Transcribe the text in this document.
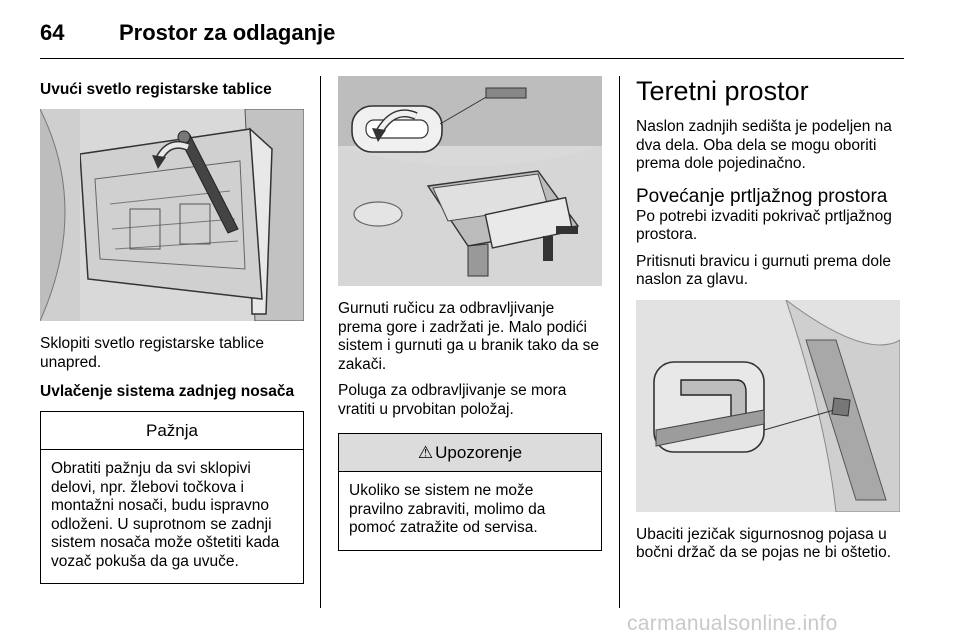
64 Prostor za odlaganje
Uvući svetlo registarske tablice
Sklopiti svetlo registarske tablice unapred.
Uvlačenje sistema zadnjeg nosača
Pažnja
Obratiti pažnju da svi sklopivi delovi, npr. žlebovi točkova i montažni nosači, budu ispravno odloženi. U suprotnom se zadnji sistem nosača može oštetiti kada vozač pokuša da ga uvuče.
Gurnuti ručicu za odbravljivanje prema gore i zadržati je. Malo podići sistem i gurnuti ga u branik tako da se zakači.
Poluga za odbravljivanje se mora vratiti u prvobitan položaj.
⚠ Upozorenje
Ukoliko se sistem ne može pravilno zabraviti, molimo da pomoć zatražite od servisa.
Teretni prostor
Naslon zadnjih sedišta je podeljen na dva dela. Oba dela se mogu oboriti prema dole pojedinačno.
Povećanje prtljažnog prostora
Po potrebi izvaditi pokrivač prtljažnog prostora.
Pritisnuti bravicu i gurnuti prema dole naslon za glavu.
Ubaciti jezičak sigurnosnog pojasa u bočni držač da se pojas ne bi oštetio.
carmanualsonline.info
